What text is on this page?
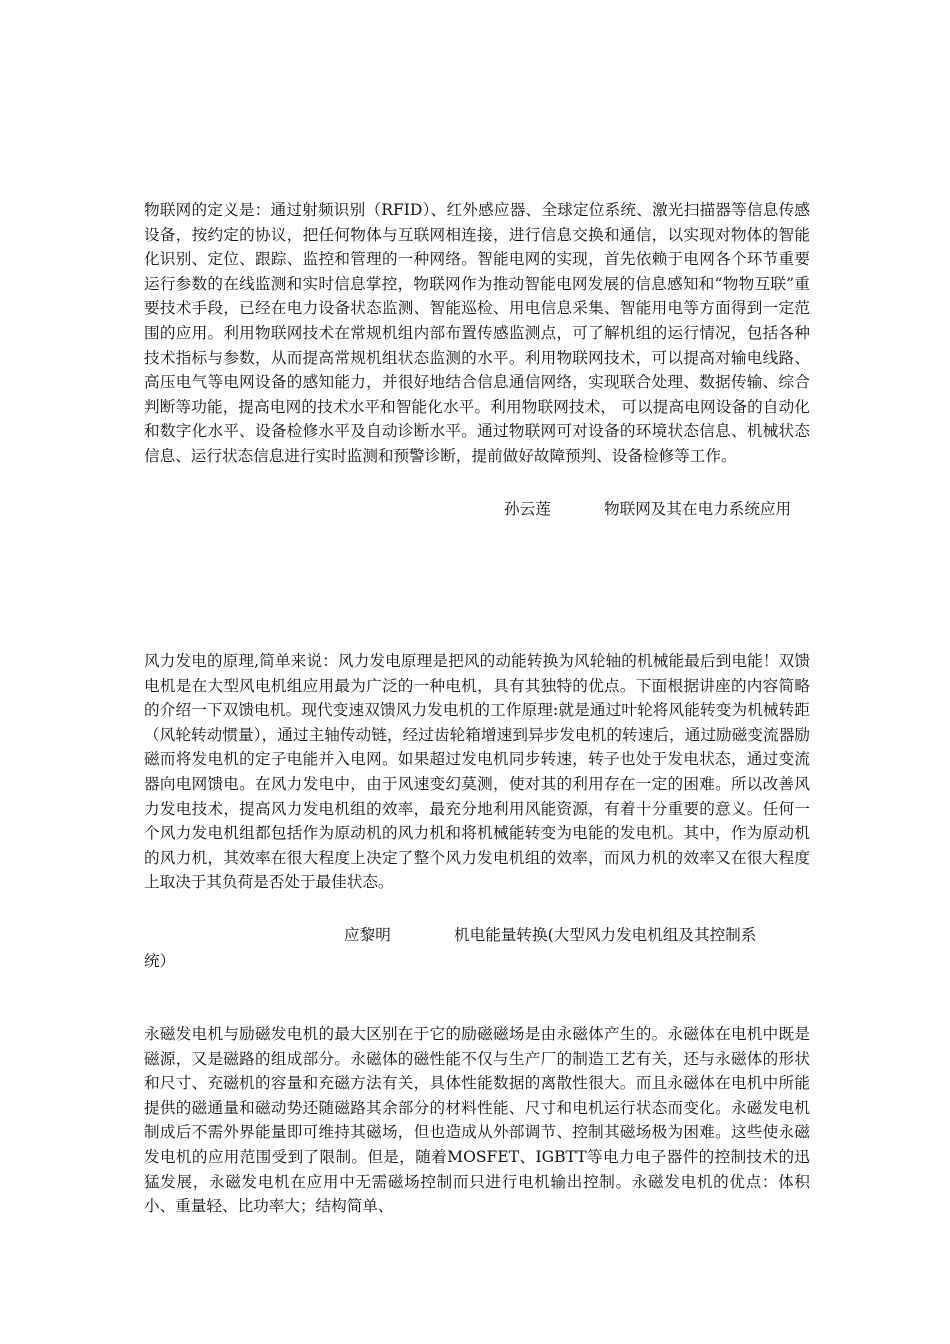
物联网的定义是：通过射频识别（RFID）、红外感应器、全球定位系统、激光扫描器等信息传感设备，按约定的协议，把任何物体与互联网相连接，进行信息交换和通信，以实现对物体的智能化识别、定位、跟踪、监控和管理的一种网络。智能电网的实现，首先依赖于电网各个环节重要运行参数的在线监测和实时信息掌控，物联网作为推动智能电网发展的信息感知和“物物互联”重要技术手段，已经在电力设备状态监测、智能巡检、用电信息采集、智能用电等方面得到一定范围的应用。利用物联网技术在常规机组内部布置传感监测点，可了解机组的运行情况，包括各种技术指标与参数，从而提高常规机组状态监测的水平。利用物联网技术，可以提高对输电线路、高压电气等电网设备的感知能力，并很好地结合信息通信网络，实现联合处理、数据传输、综合判断等功能，提高电网的技术水平和智能化水平。利用物联网技术， 可以提高电网设备的自动化和数字化水平、设备检修水平及自动诊断水平。通过物联网可对设备的环境状态信息、机械状态信息、运行状态信息进行实时监测和预警诊断，提前做好故障预判、设备检修等工作。

孙云莲	物联网及其在电力系统应用

风力发电的原理,简单来说：风力发电原理是把风的动能转换为风轮轴的机械能最后到电能！双馈电机是在大型风电机组应用最为广泛的一种电机，具有其独特的优点。下面根据讲座的内容简略的介绍一下双馈电机。现代变速双馈风力发电机的工作原理:就是通过叶轮将风能转变为机械转距（风轮转动惯量），通过主轴传动链，经过齿轮箱增速到异步发电机的转速后，通过励磁变流器励磁而将发电机的定子电能并入电网。如果超过发电机同步转速，转子也处于发电状态，通过变流器向电网馈电。在风力发电中，由于风速变幻莫测，使对其的利用存在一定的困难。所以改善风力发电技术，提高风力发电机组的效率，最充分地利用风能资源，有着十分重要的意义。任何一个风力发电机组都包括作为原动机的风力机和将机械能转变为电能的发电机。其中，作为原动机的风力机，其效率在很大程度上决定了整个风力发电机组的效率，而风力机的效率又在很大程度上取决于其负荷是否处于最佳状态。

应黎明	机电能量转换(大型风力发电机组及其控制系
统）

永磁发电机与励磁发电机的最大区别在于它的励磁磁场是由永磁体产生的。永磁体在电机中既是磁源，又是磁路的组成部分。永磁体的磁性能不仅与生产厂的制造工艺有关，还与永磁体的形状和尺寸、充磁机的容量和充磁方法有关，具体性能数据的离散性很大。而且永磁体在电机中所能提供的磁通量和磁动势还随磁路其余部分的材料性能、尺寸和电机运行状态而变化。永磁发电机制成后不需外界能量即可维持其磁场，但也造成从外部调节、控制其磁场极为困难。这些使永磁发电机的应用范围受到了限制。但是，随着MOSFET、IGBTT等电力电子器件的控制技术的迅猛发展，永磁发电机在应用中无需磁场控制而只进行电机输出控制。永磁发电机的优点：体积小、重量轻、比功率大；结构简单、
